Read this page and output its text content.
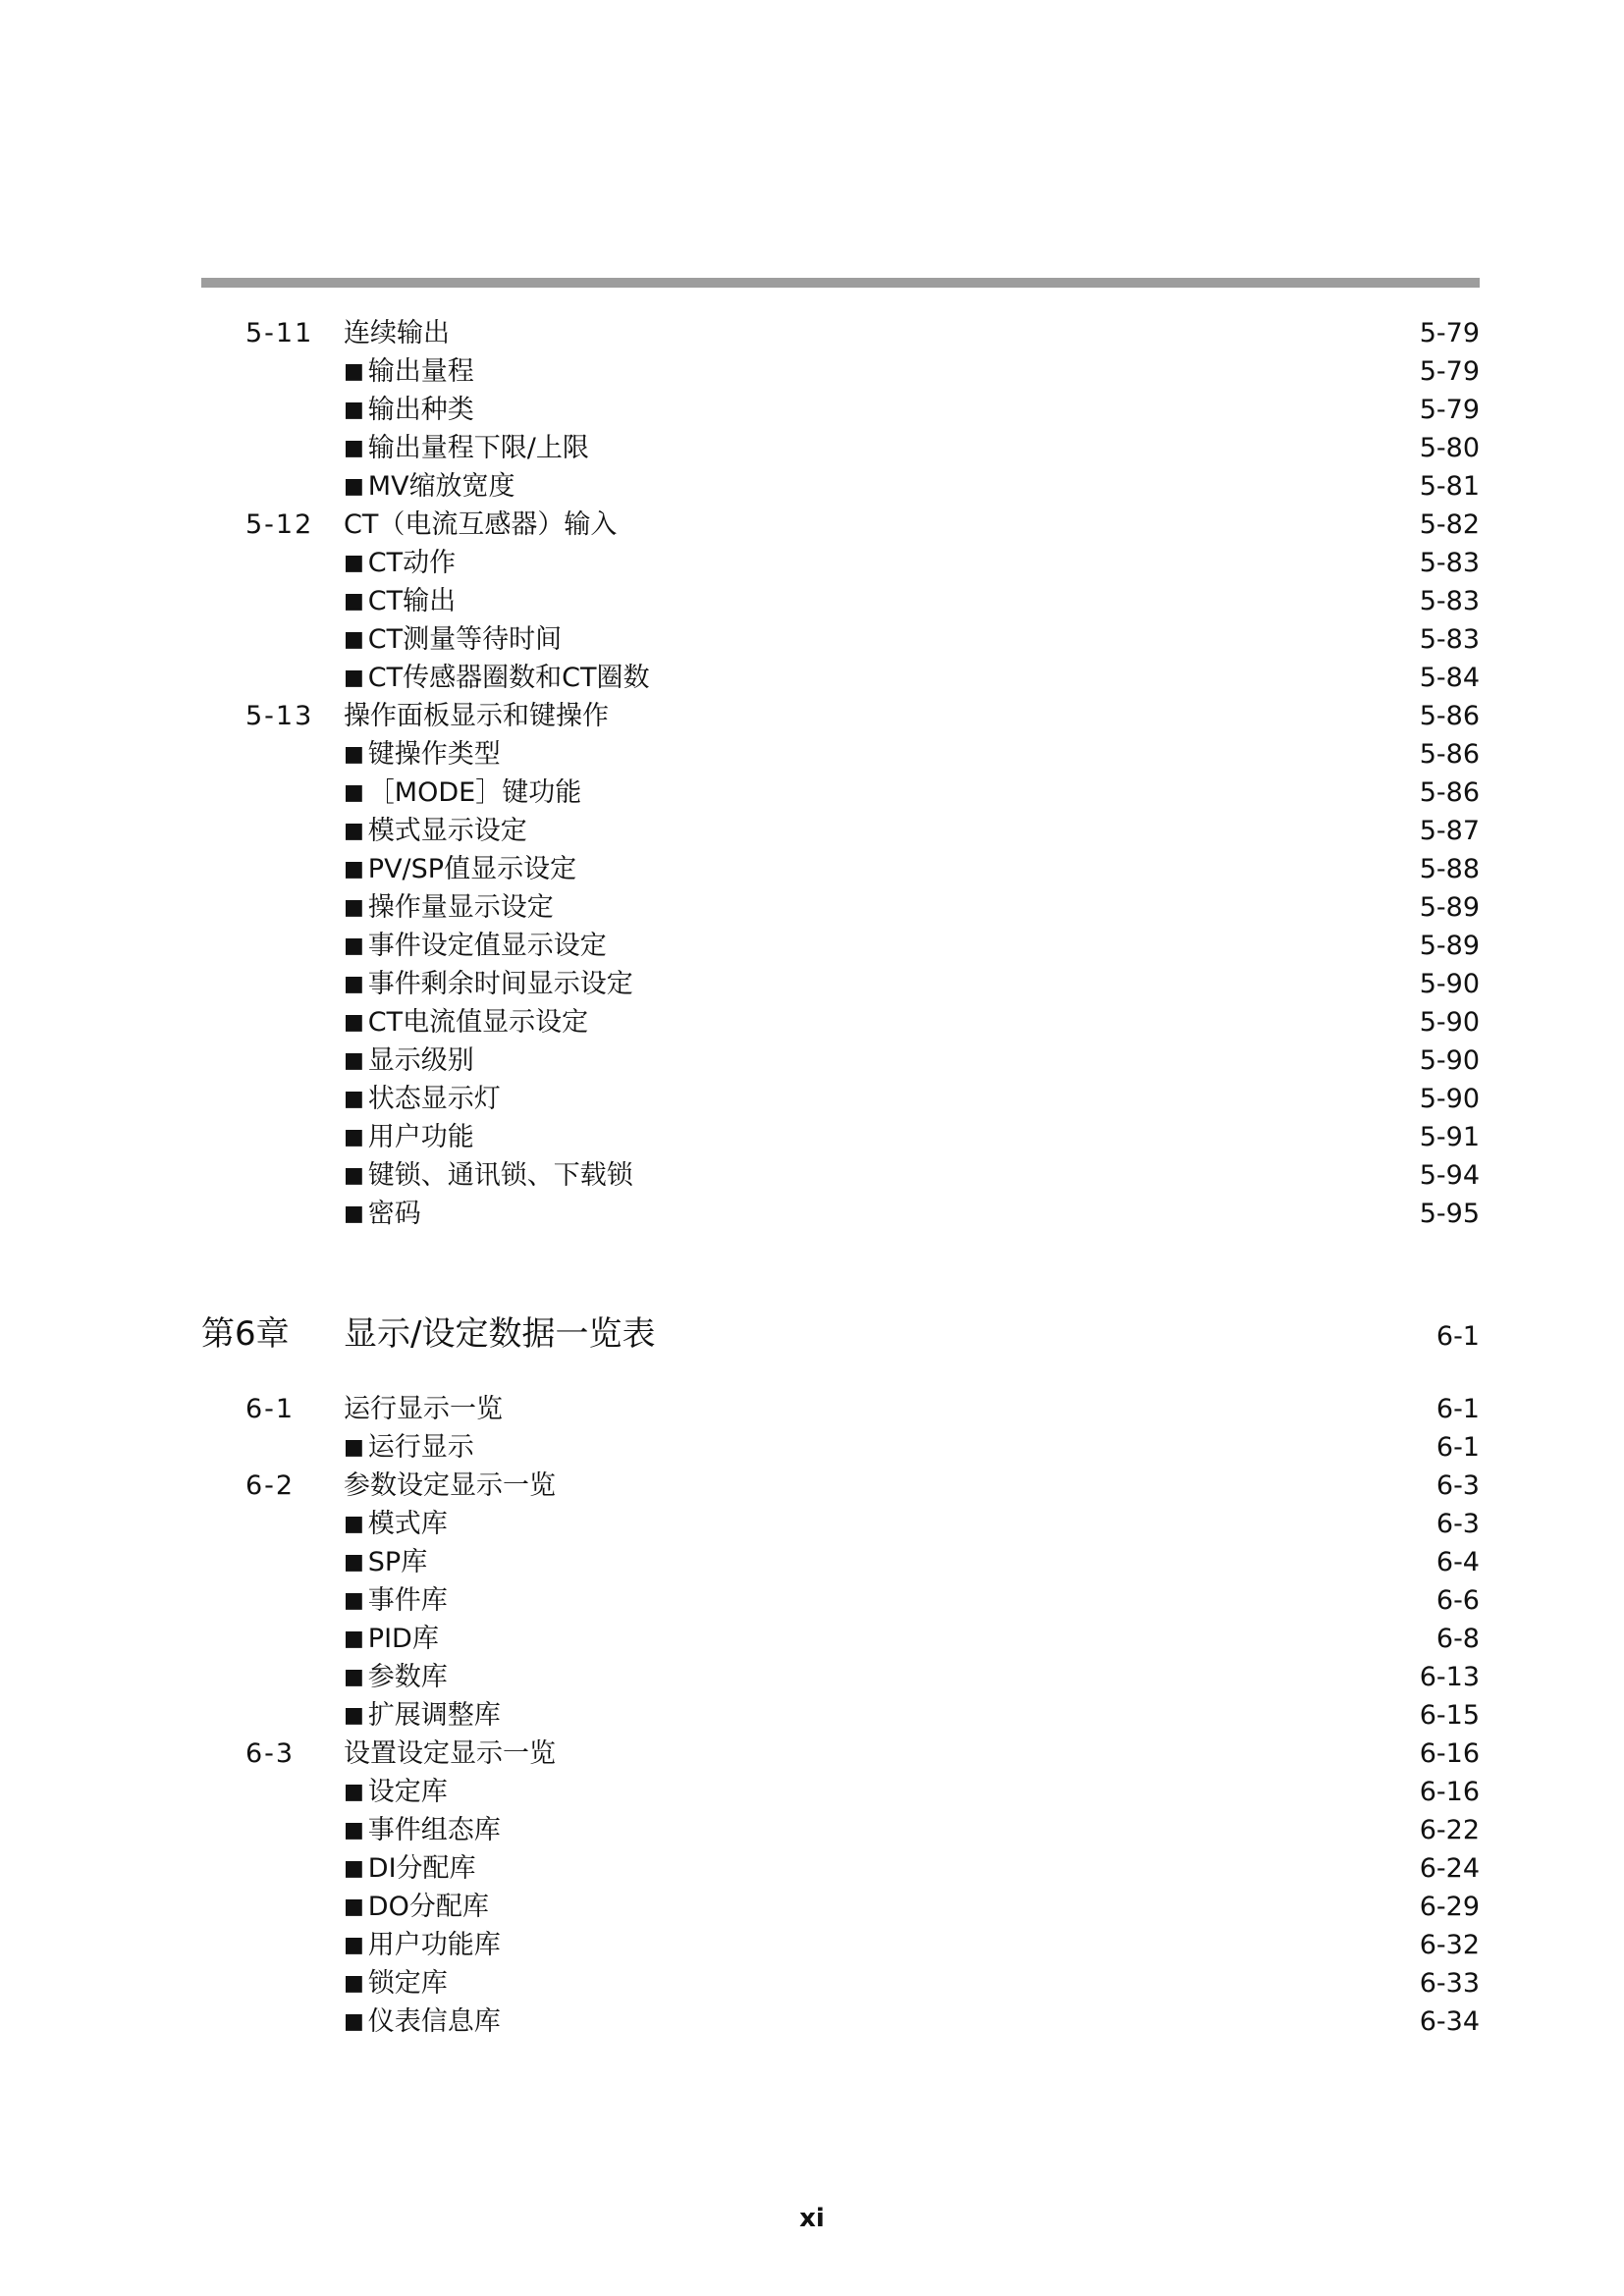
5-11 连续输出 ·····	5-79
■ 输出量程 ·····	5-79
■ 输出种类 ·····	5-79
■ 输出量程下限/上限 ·····	5-80
■ MV缩放宽度 ·····	5-81
5-12 CT（电流互感器）输入 ·····	5-82
■ CT动作 ·····	5-83
■ CT输出 ·····	5-83
■ CT测量等待时间 ·····	5-83
■ CT传感器圈数和CT圈数 ·····	5-84
5-13 操作面板显示和键操作 ·····	5-86
■ 键操作类型 ·····	5-86
■ ［MODE］键功能 ·····	5-86
■ 模式显示设定 ·····	5-87
■ PV/SP值显示设定 ·····	5-88
■ 操作量显示设定 ·····	5-89
■ 事件设定值显示设定 ·····	5-89
■ 事件剩余时间显示设定 ·····	5-90
■ CT电流值显示设定 ·····	5-90
■ 显示级别 ·····	5-90
■ 状态显示灯 ·····	5-90
■ 用户功能 ·····	5-91
■ 键锁、通讯锁、下载锁 ·····	5-94
■ 密码 ·····	5-95
第6章 显示/设定数据一览表 ·····	6-1
6-1 运行显示一览 ·····	6-1
■ 运行显示 ·····	6-1
6-2 参数设定显示一览 ·····	6-3
■ 模式库 ·····	6-3
■ SP库 ·····	6-4
■ 事件库 ·····	6-6
■ PID库 ·····	6-8
■ 参数库 ·····	6-13
■ 扩展调整库 ·····	6-15
6-3 设置设定显示一览 ·····	6-16
■ 设定库 ·····	6-16
■ 事件组态库 ·····	6-22
■ DI分配库 ·····	6-24
■ DO分配库 ·····	6-29
■ 用户功能库 ·····	6-32
■ 锁定库 ·····	6-33
■ 仪表信息库 ·····	6-34
xi
